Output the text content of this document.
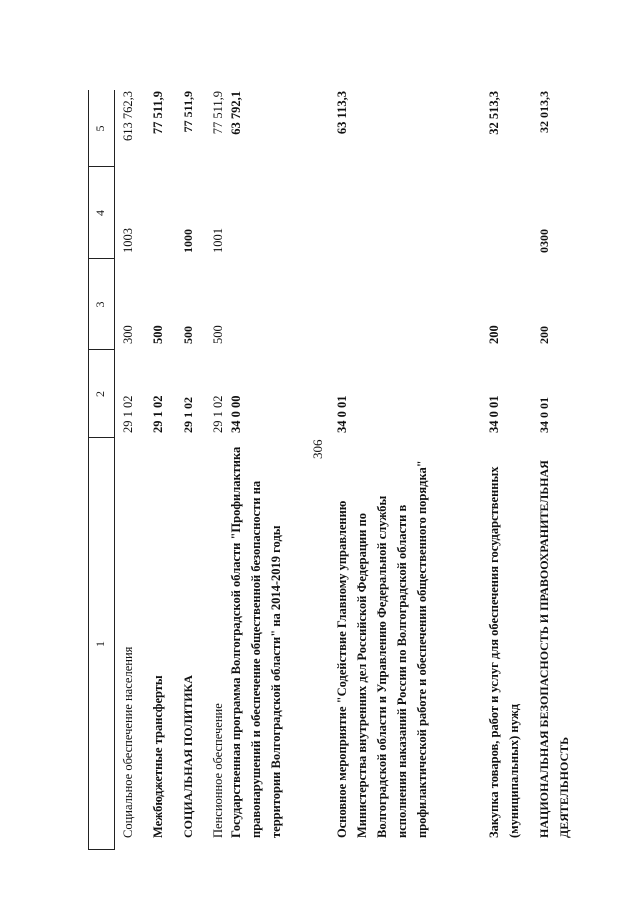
306
1
2
3
4
5
Социальное обеспечение населения
29 1 02
300
1003
613 762,3
Межбюджетные трансферты
29 1 02
500
77 511,9
СОЦИАЛЬНАЯ ПОЛИТИКА
29 1 02
500
1000
77 511,9
Пенсионное обеспечение
29 1 02
500
1001
77 511,9
Государственная программа Волгоградской области "Профилактика правонарушений и обеспечение общественной безопасности на территории Волгоградской области" на 2014-2019 годы
34 0 00
63 792,1
Основное мероприятие "Содействие Главному управлению Министерства внутренних дел Российской Федерации по Волгоградской области и Управлению Федеральной службы исполнения наказаний России по Волгоградской области в профилактической работе и обеспечении общественного порядка"
34 0 01
63 113,3
Закупка товаров, работ и услуг для обеспечения государственных (муниципальных) нужд
34 0 01
200
32 513,3
НАЦИОНАЛЬНАЯ БЕЗОПАСНОСТЬ И ПРАВООХРАНИТЕЛЬНАЯ ДЕЯТЕЛЬНОСТЬ
34 0 01
200
0300
32 013,3
